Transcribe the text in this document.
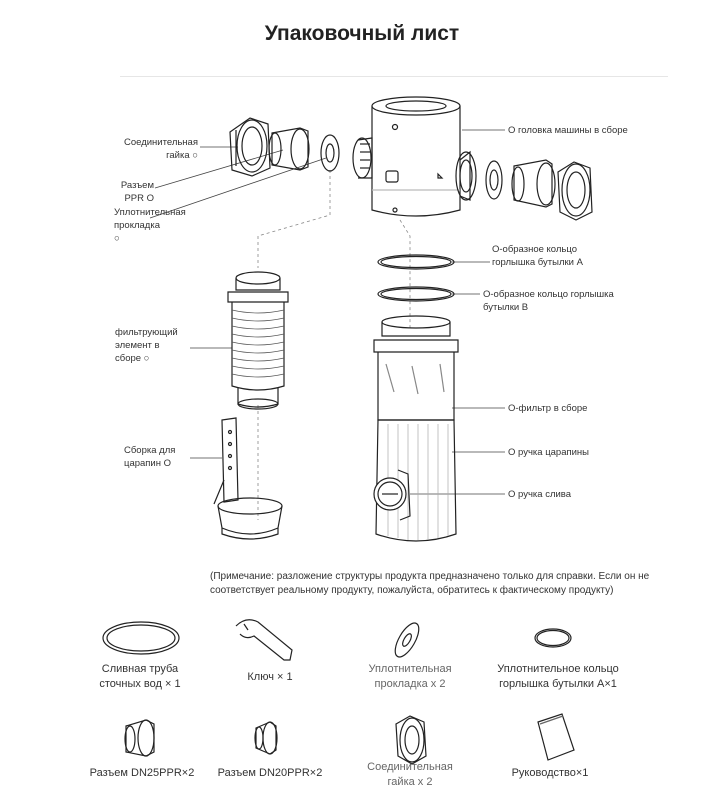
Упаковочный лист
Соединительная
гайка ○
Разъем
PPR O
Уплотнительная
прокладка
○
O головка машины в сборе
O-образное кольцо
горлышка бутылки A
O-образное кольцо горлышка
бутылки B
фильтрующий
элемент в
сборе ○
Сборка для
царапин O
O-фильтр в сборе
O ручка царапины
O ручка слива
(Примечание: разложение структуры продукта предназначено только для справки. Если он не
соответствует реальному продукту, пожалуйста, обратитесь к фактическому продукту)
Сливная труба
сточных вод × 1
Ключ × 1
Уплотнительная
прокладка x 2
Уплотнительное кольцо
горлышка бутылки A×1
Разъем DN25PPR×2	Разъем DN20PPR×2	Соединительная
гайка x 2
Руководство×1
